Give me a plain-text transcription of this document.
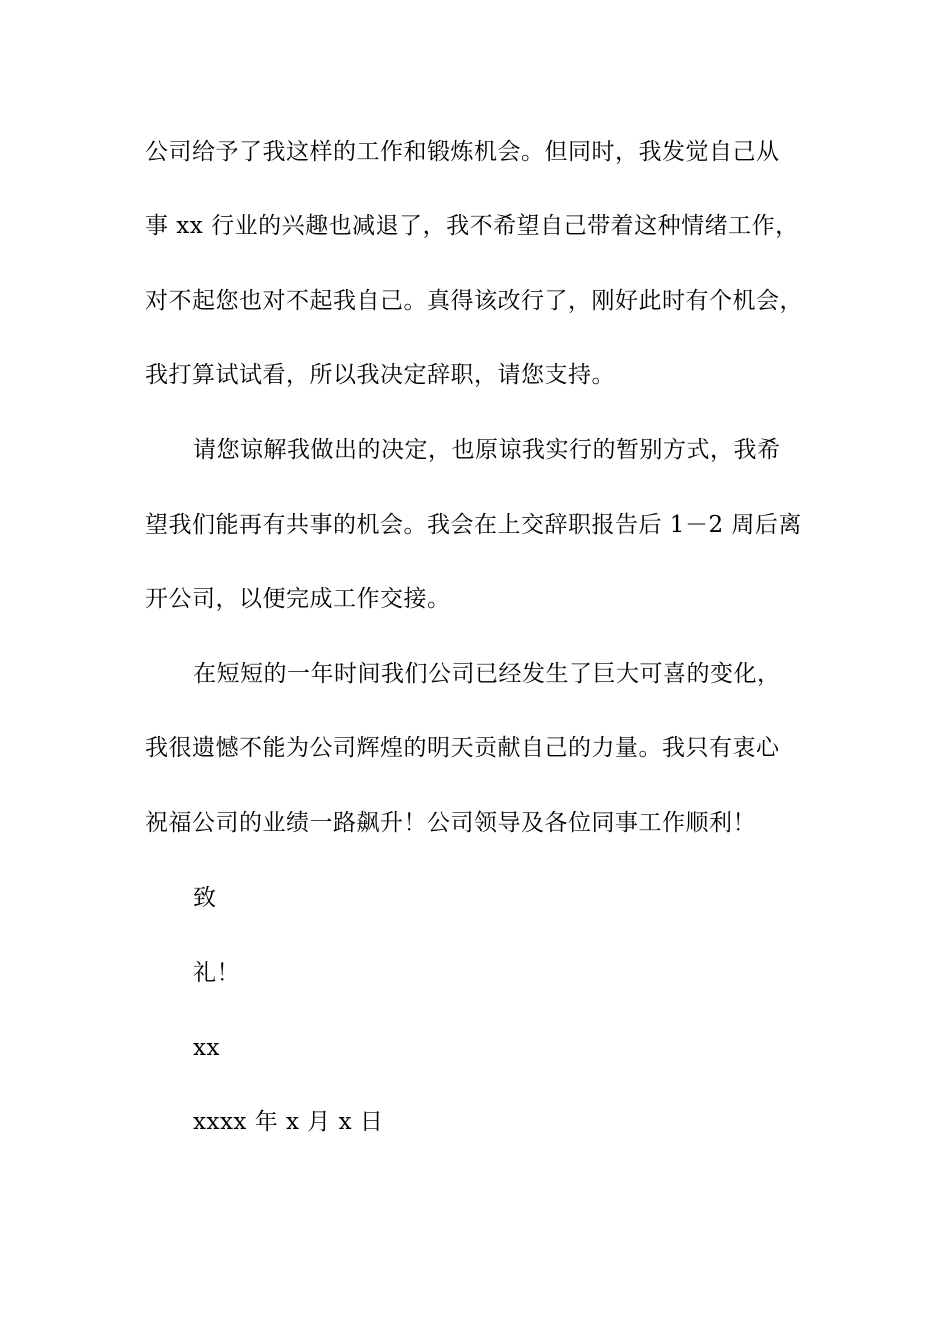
公司给予了我这样的工作和锻炼机会。但同时，我发觉自己从
事 xx 行业的兴趣也减退了，我不希望自己带着这种情绪工作，
对不起您也对不起我自己。真得该改行了，刚好此时有个机会，
我打算试试看，所以我决定辞职，请您支持。
请您谅解我做出的决定，也原谅我实行的暂别方式，我希
望我们能再有共事的机会。我会在上交辞职报告后 1－2 周后离
开公司，以便完成工作交接。
在短短的一年时间我们公司已经发生了巨大可喜的变化，
我很遗憾不能为公司辉煌的明天贡献自己的力量。我只有衷心
祝福公司的业绩一路飙升！公司领导及各位同事工作顺利！
致
礼！
xx
xxxx 年 x 月 x 日
